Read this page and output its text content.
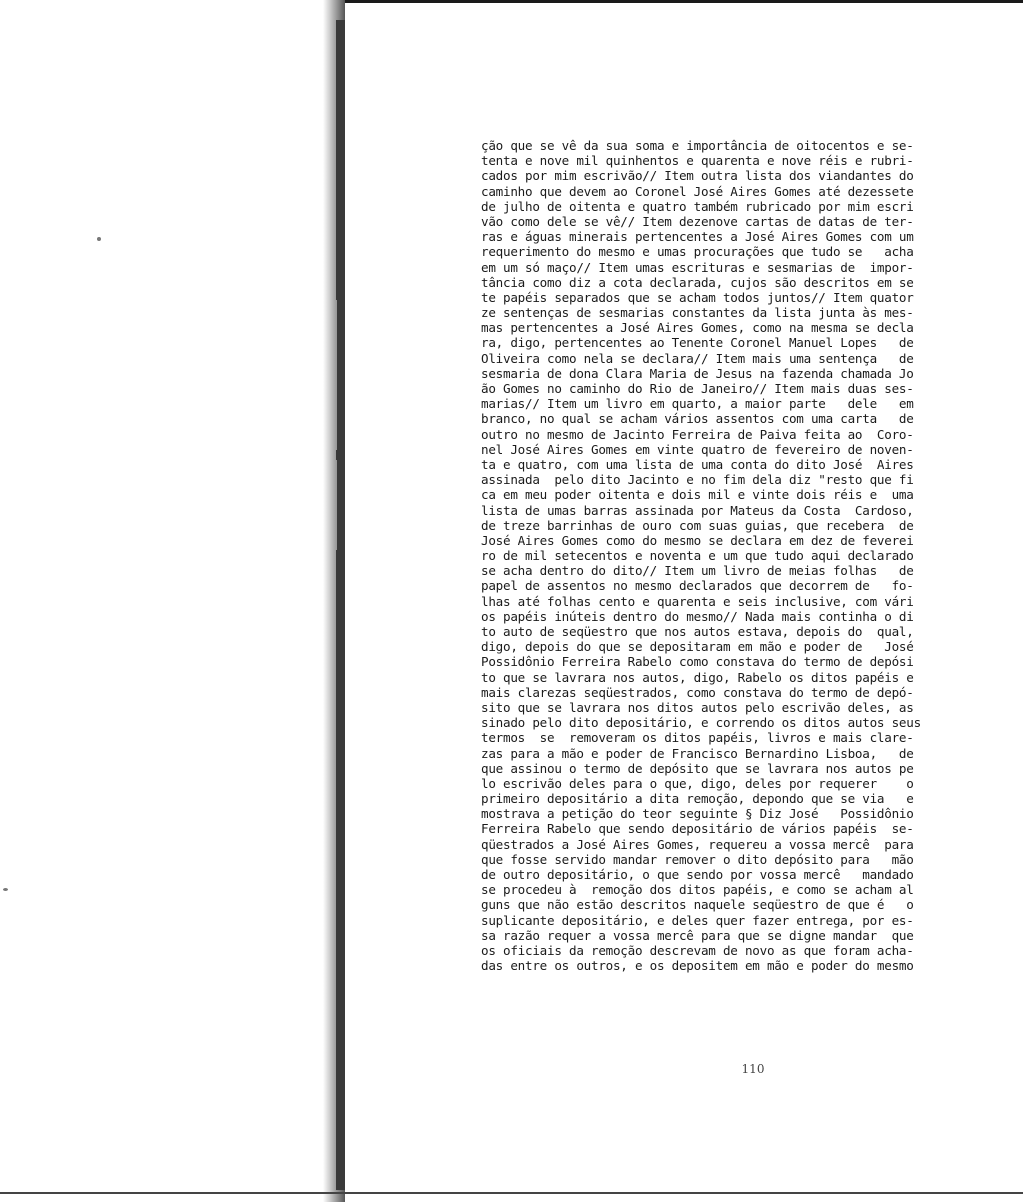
ção que se vê da sua soma e importância de oitocentos e se-
tenta e nove mil quinhentos e quarenta e nove réis e rubri-
cados por mim escrivão// Item outra lista dos viandantes do
caminho que devem ao Coronel José Aires Gomes até dezessete
de julho de oitenta e quatro também rubricado por mim escri
vão como dele se vê// Item dezenove cartas de datas de ter-
ras e águas minerais pertencentes a José Aires Gomes com um
requerimento do mesmo e umas procurações que tudo se   acha
em um só maço// Item umas escrituras e sesmarias de  impor-
tância como diz a cota declarada, cujos são descritos em se
te papéis separados que se acham todos juntos// Item quator
ze sentenças de sesmarias constantes da lista junta às mes-
mas pertencentes a José Aires Gomes, como na mesma se decla
ra, digo, pertencentes ao Tenente Coronel Manuel Lopes   de
Oliveira como nela se declara// Item mais uma sentença   de
sesmaria de dona Clara Maria de Jesus na fazenda chamada Jo
ão Gomes no caminho do Rio de Janeiro// Item mais duas ses-
marias// Item um livro em quarto, a maior parte   dele   em
branco, no qual se acham vários assentos com uma carta   de
outro no mesmo de Jacinto Ferreira de Paiva feita ao  Coro-
nel José Aires Gomes em vinte quatro de fevereiro de noven-
ta e quatro, com uma lista de uma conta do dito José  Aires
assinada  pelo dito Jacinto e no fim dela diz "resto que fi
ca em meu poder oitenta e dois mil e vinte dois réis e  uma
lista de umas barras assinada por Mateus da Costa  Cardoso,
de treze barrinhas de ouro com suas guias, que recebera  de
José Aires Gomes como do mesmo se declara em dez de feverei
ro de mil setecentos e noventa e um que tudo aqui declarado
se acha dentro do dito// Item um livro de meias folhas   de
papel de assentos no mesmo declarados que decorrem de   fo-
lhas até folhas cento e quarenta e seis inclusive, com vári
os papéis inúteis dentro do mesmo// Nada mais continha o di
to auto de seqüestro que nos autos estava, depois do  qual,
digo, depois do que se depositaram em mão e poder de   José
Possidônio Ferreira Rabelo como constava do termo de depósi
to que se lavrara nos autos, digo, Rabelo os ditos papéis e
mais clarezas seqüestrados, como constava do termo de depó-
sito que se lavrara nos ditos autos pelo escrivão deles, as
sinado pelo dito depositário, e correndo os ditos autos seus
termos  se  removeram os ditos papéis, livros e mais clare-
zas para a mão e poder de Francisco Bernardino Lisboa,   de
que assinou o termo de depósito que se lavrara nos autos pe
lo escrivão deles para o que, digo, deles por requerer    o
primeiro depositário a dita remoção, depondo que se via   e
mostrava a petição do teor seguinte § Diz José   Possidônio
Ferreira Rabelo que sendo depositário de vários papéis  se-
qüestrados a José Aires Gomes, requereu a vossa mercê  para
que fosse servido mandar remover o dito depósito para   mão
de outro depositário, o que sendo por vossa mercê   mandado
se procedeu à  remoção dos ditos papéis, e como se acham al
guns que não estão descritos naquele seqüestro de que é   o
suplicante depositário, e deles quer fazer entrega, por es-
sa razão requer a vossa mercê para que se digne mandar  que
os oficiais da remoção descrevam de novo as que foram acha-
das entre os outros, e os depositem em mão e poder do mesmo
110
